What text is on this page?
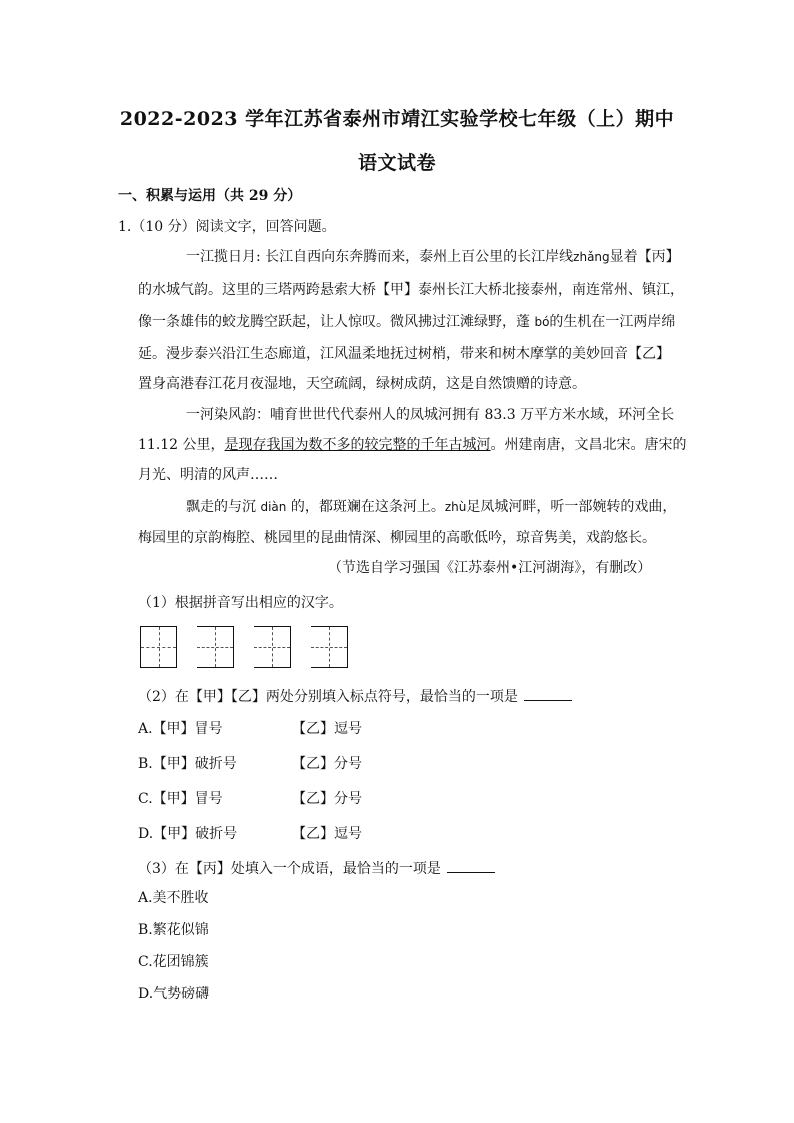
2022-2023 学年江苏省泰州市靖江实验学校七年级（上）期中
语文试卷
一、积累与运用（共 29 分）
1.（10 分）阅读文字，回答问题。
一江揽日月: 长江自西向东奔腾而来，泰州上百公里的长江岸线zhǎng显着【丙】
的水城气韵。这里的三塔两跨悬索大桥【甲】泰州长江大桥北接泰州，南连常州、镇江，
像一条雄伟的蛟龙腾空跃起，让人惊叹。微风拂过江滩绿野，蓬 bó的生机在一江两岸绵
延。漫步泰兴沿江生态廊道，江风温柔地抚过树梢，带来和树木摩掌的美妙回音【乙】
置身高港春江花月夜湿地，天空疏阔，绿树成荫，这是自然馈赠的诗意。
一河染风韵：哺育世世代代泰州人的凤城河拥有 83.3 万平方米水域，环河全长
11.12 公里，是现存我国为数不多的较完整的千年古城河。州建南唐，文昌北宋。唐宋的
月光、明清的风声……
飘走的与沉 diàn 的，都斑斓在这条河上。zhù足凤城河畔，听一部婉转的戏曲，
梅园里的京韵梅腔、桃园里的昆曲情深、柳园里的高歌低吟，琼音隽美，戏韵悠长。
（节选自学习强国《江苏泰州•江河湖海》，有删改）
（1）根据拼音写出相应的汉字。
（2）在【甲】【乙】两处分别填入标点符号，最恰当的一项是
A.【甲】冒号	【乙】逗号
B.【甲】破折号	【乙】分号
C.【甲】冒号	【乙】分号
D.【甲】破折号	【乙】逗号
（3）在【丙】处填入一个成语，最恰当的一项是
A.美不胜收
B.繁花似锦
C.花团锦簇
D.气势磅礴
